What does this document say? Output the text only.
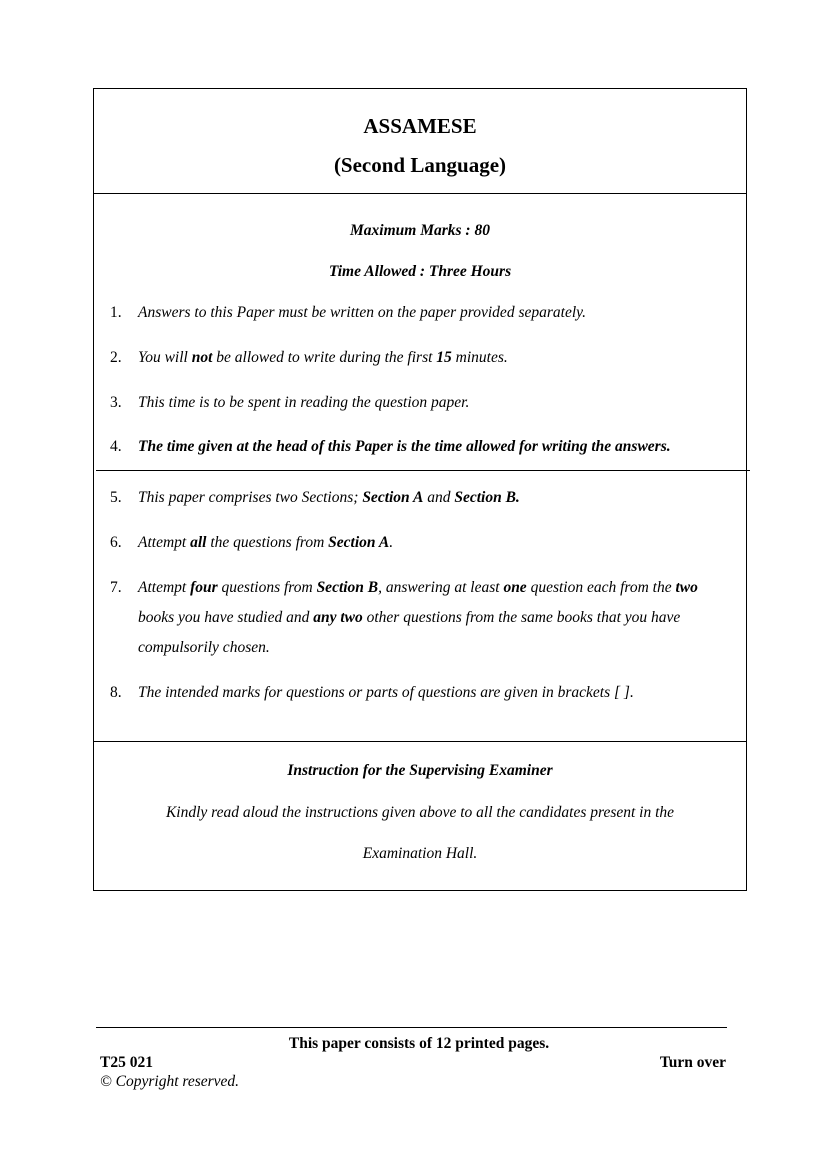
ASSAMESE
(Second Language)
Maximum Marks : 80
Time Allowed : Three Hours
1. Answers to this Paper must be written on the paper provided separately.
2. You will not be allowed to write during the first 15 minutes.
3. This time is to be spent in reading the question paper.
4. The time given at the head of this Paper is the time allowed for writing the answers.
5. This paper comprises two Sections; Section A and Section B.
6. Attempt all the questions from Section A.
7. Attempt four questions from Section B, answering at least one question each from the two books you have studied and any two other questions from the same books that you have compulsorily chosen.
8. The intended marks for questions or parts of questions are given in brackets [ ].
Instruction for the Supervising Examiner
Kindly read aloud the instructions given above to all the candidates present in the
Examination Hall.
This paper consists of 12 printed pages.
T25 021	Turn over
© Copyright reserved.
